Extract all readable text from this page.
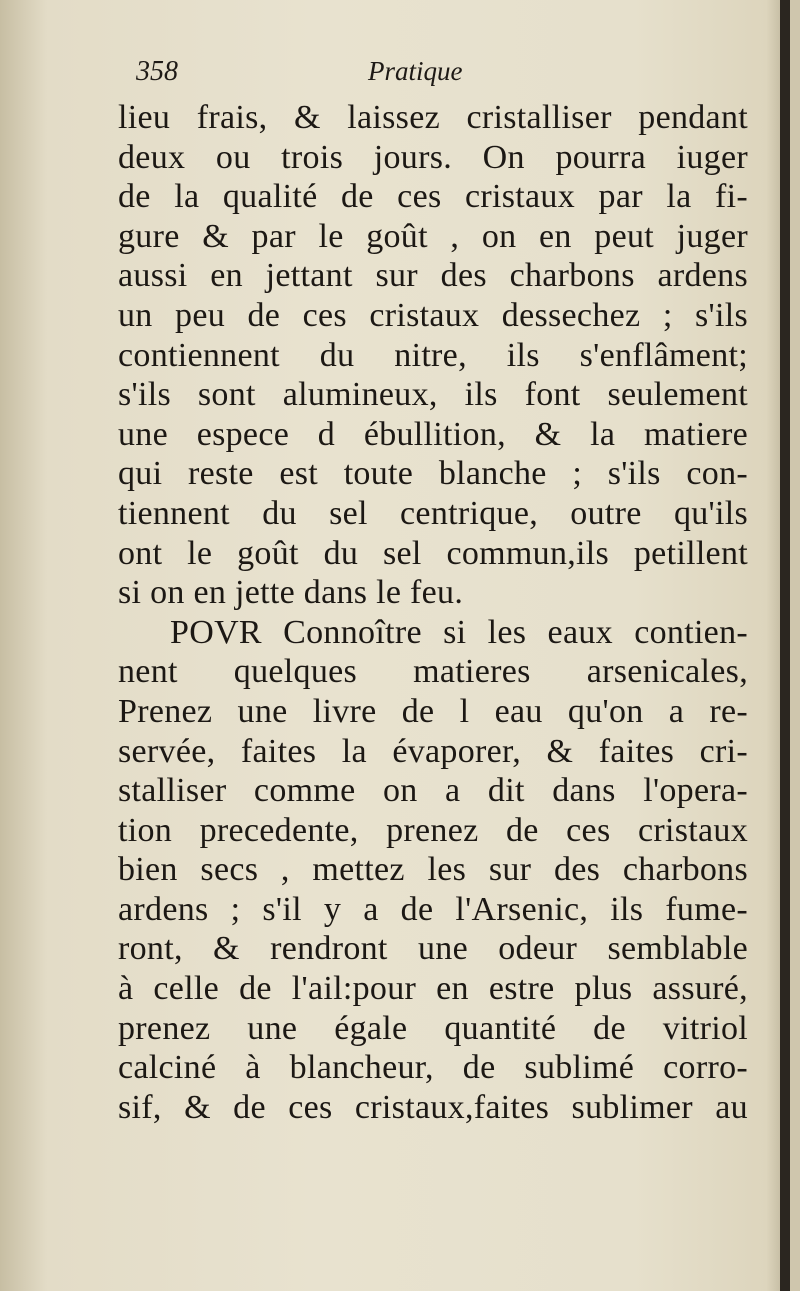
358	Pratique
lieu frais, & laissez cristalliser pendant
deux ou trois jours. On pourra iuger
de la qualité de ces cristaux par la fi-
gure & par le goût , on en peut juger
aussi en jettant sur des charbons ardens
un peu de ces cristaux dessechez ; s'ils
contiennent du nitre, ils s'enflâment;
s'ils sont alumineux, ils font seulement
une espece d ébullition, & la matiere
qui reste est toute blanche ; s'ils con-
tiennent du sel centrique, outre qu'ils
ont le goût du sel commun,ils petillent
si on en jette dans le feu.
POVR Connoître si les eaux contien-
nent quelques matieres arsenicales,
Prenez une livre de l eau qu'on a re-
servée, faites la évaporer, & faites cri-
stalliser comme on a dit dans l'opera-
tion precedente, prenez de ces cristaux
bien secs , mettez les sur des charbons
ardens ; s'il y a de l'Arsenic, ils fume-
ront, & rendront une odeur semblable
à celle de l'ail:pour en estre plus assuré,
prenez une égale quantité de vitriol
calciné à blancheur, de sublimé corro-
sif, & de ces cristaux,faites sublimer au
